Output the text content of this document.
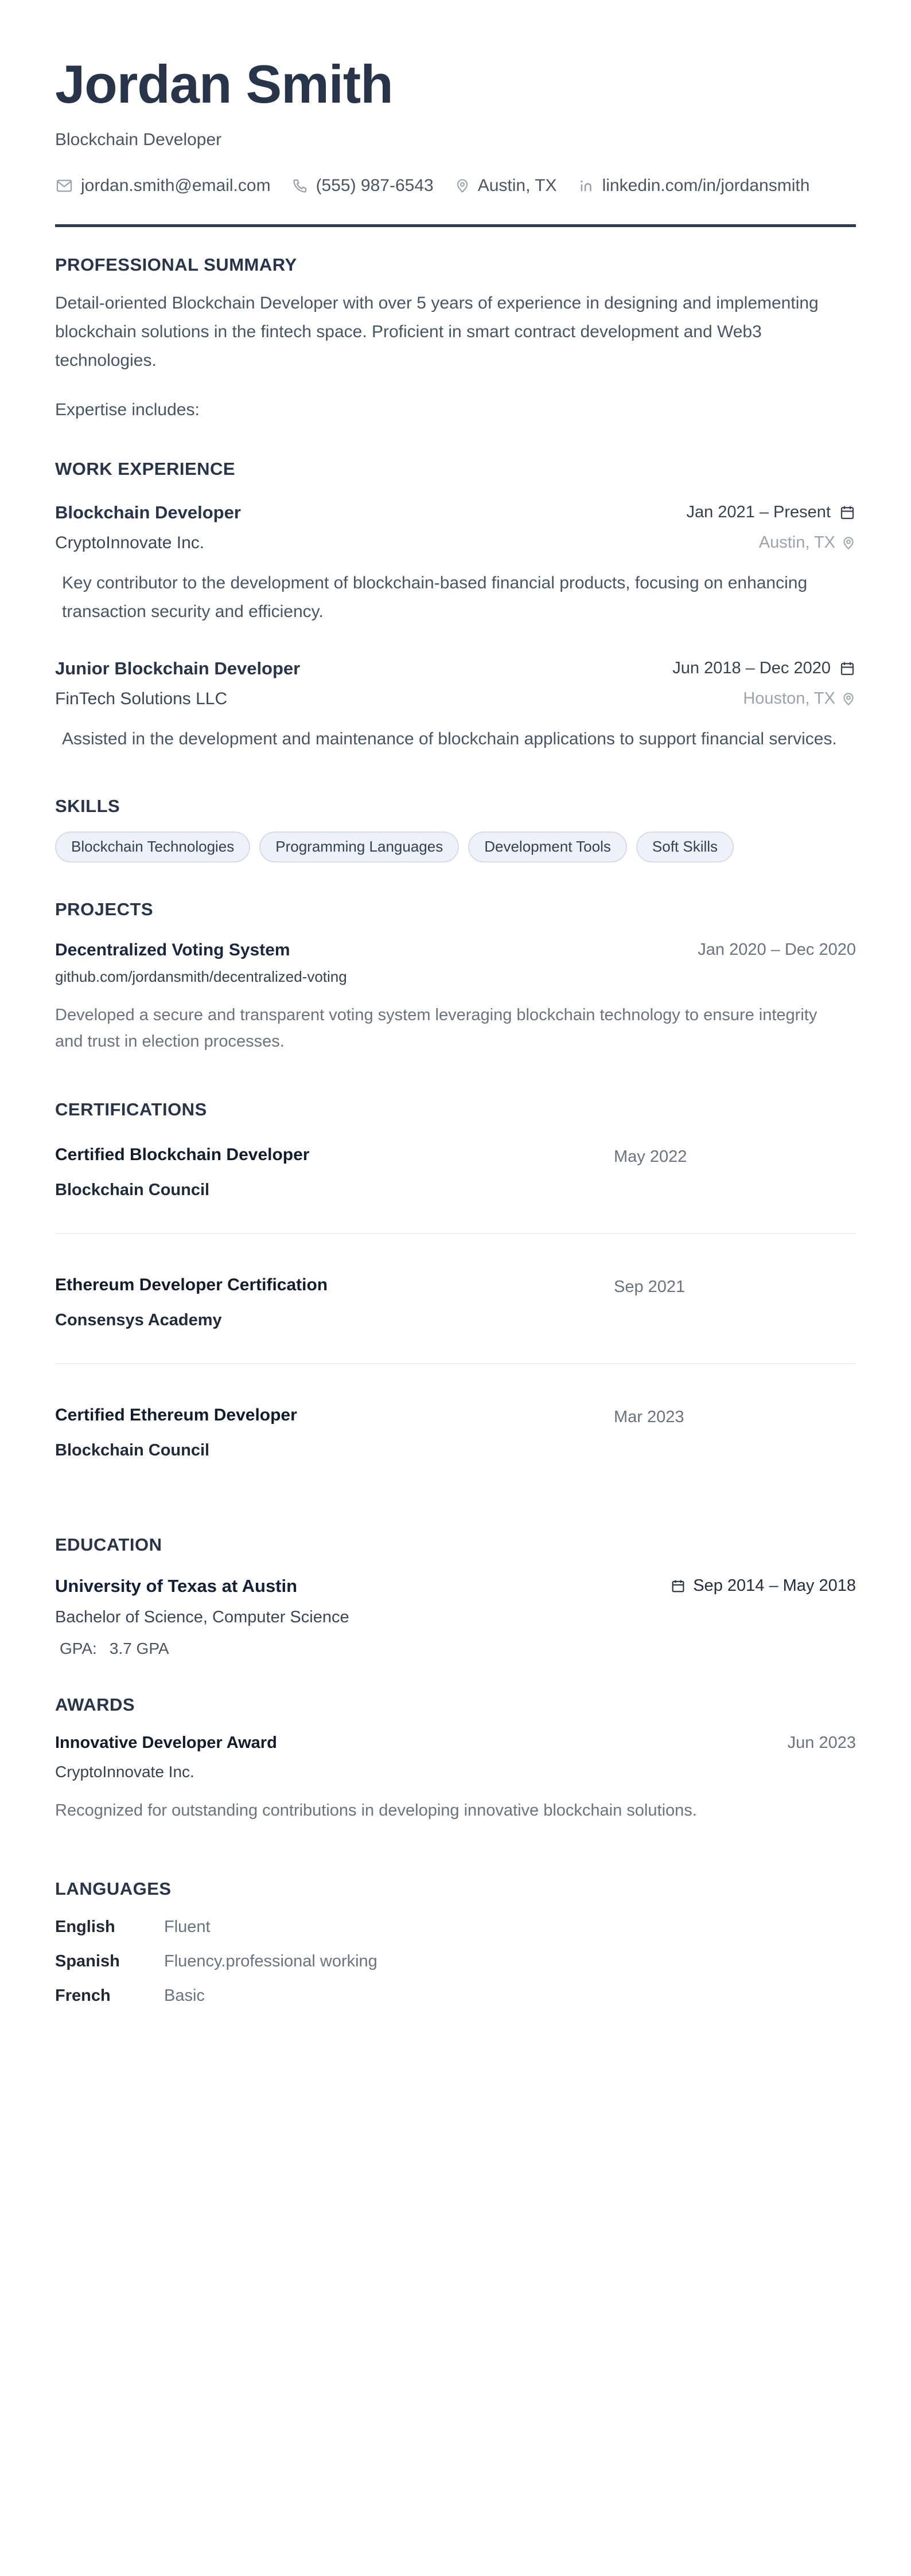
Jordan Smith
Blockchain Developer
jordan.smith@email.com	(555) 987-6543	Austin, TX	linkedin.com/in/jordansmith
PROFESSIONAL SUMMARY

Detail-oriented Blockchain Developer with over 5 years of experience in designing and implementing blockchain solutions in the fintech space. Proficient in smart contract development and Web3 technologies.

Expertise includes:

WORK EXPERIENCE
Blockchain Developer	Jan 2021 – Present
CryptoInnovate Inc.	Austin, TX

Key contributor to the development of blockchain-based financial products, focusing on enhancing transaction security and efficiency.

Junior Blockchain Developer	Jun 2018 – Dec 2020
FinTech Solutions LLC	Houston, TX

Assisted in the development and maintenance of blockchain applications to support financial services.

SKILLS
Blockchain Technologies	Programming Languages	Development Tools	Soft Skills
PROJECTS
Decentralized Voting System	Jan 2020 – Dec 2020
github.com/jordansmith/decentralized-voting

Developed a secure and transparent voting system leveraging blockchain technology to ensure integrity and trust in election processes.

CERTIFICATIONS
Certified Blockchain Developer
Blockchain Council
May 2022
Ethereum Developer Certification
Consensys Academy
Sep 2021
Certified Ethereum Developer
Blockchain Council
Mar 2023
EDUCATION
University of Texas at Austin	Sep 2014 – May 2018
Bachelor of Science, Computer Science
GPA: 3.7 GPA
AWARDS
Innovative Developer Award	Jun 2023
CryptoInnovate Inc.

Recognized for outstanding contributions in developing innovative blockchain solutions.

LANGUAGES
English	Fluent
Spanish	Fluency.professional working
French	Basic
